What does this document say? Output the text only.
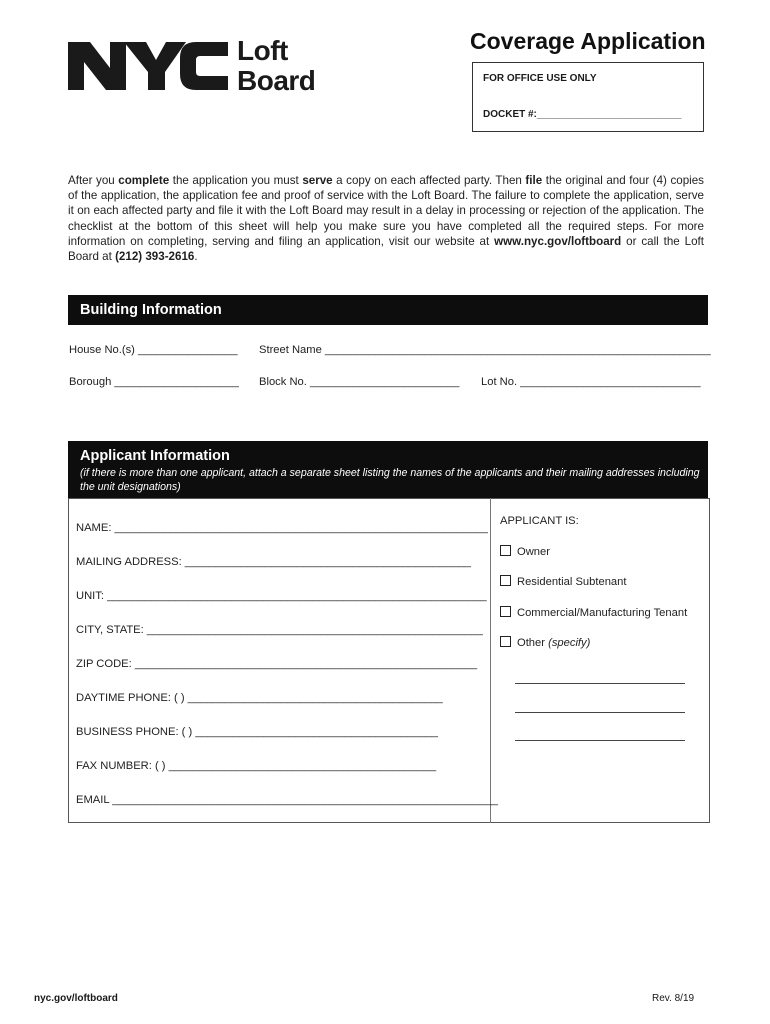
Loft
Board
Coverage Application
FOR OFFICE USE ONLY
DOCKET #:__________________________
After you complete the application you must serve a copy on each affected party. Then file the original and four (4) copies of the application, the application fee and proof of service with the Loft Board. The failure to complete the application, serve it on each affected party and file it with the Loft Board may result in a delay in processing or rejection of the application. The checklist at the bottom of this sheet will help you make sure you have completed all the required steps. For more information on completing, serving and filing an application, visit our website at www.nyc.gov/loftboard or call the Loft Board at (212) 393-2616.
Building Information
House No.(s) ________________ Street Name ______________________________________________________________
Borough ____________________ Block No. ________________________ Lot No. _____________________________
Applicant Information
(if there is more than one applicant, attach a separate sheet listing the names of the applicants and their mailing addresses including the unit designations)
NAME: ____________________________________________________________
MAILING ADDRESS: ______________________________________________
UNIT: _____________________________________________________________
CITY, STATE: ______________________________________________________
ZIP CODE: _______________________________________________________
DAYTIME PHONE: ( ) _________________________________________
BUSINESS PHONE: ( ) _______________________________________
FAX NUMBER: ( ) ___________________________________________
EMAIL ______________________________________________________________
APPLICANT IS:
Owner
Residential Subtenant
Commercial/Manufacturing Tenant
Other (specify)
nyc.gov/loftboard	Rev. 8/19
